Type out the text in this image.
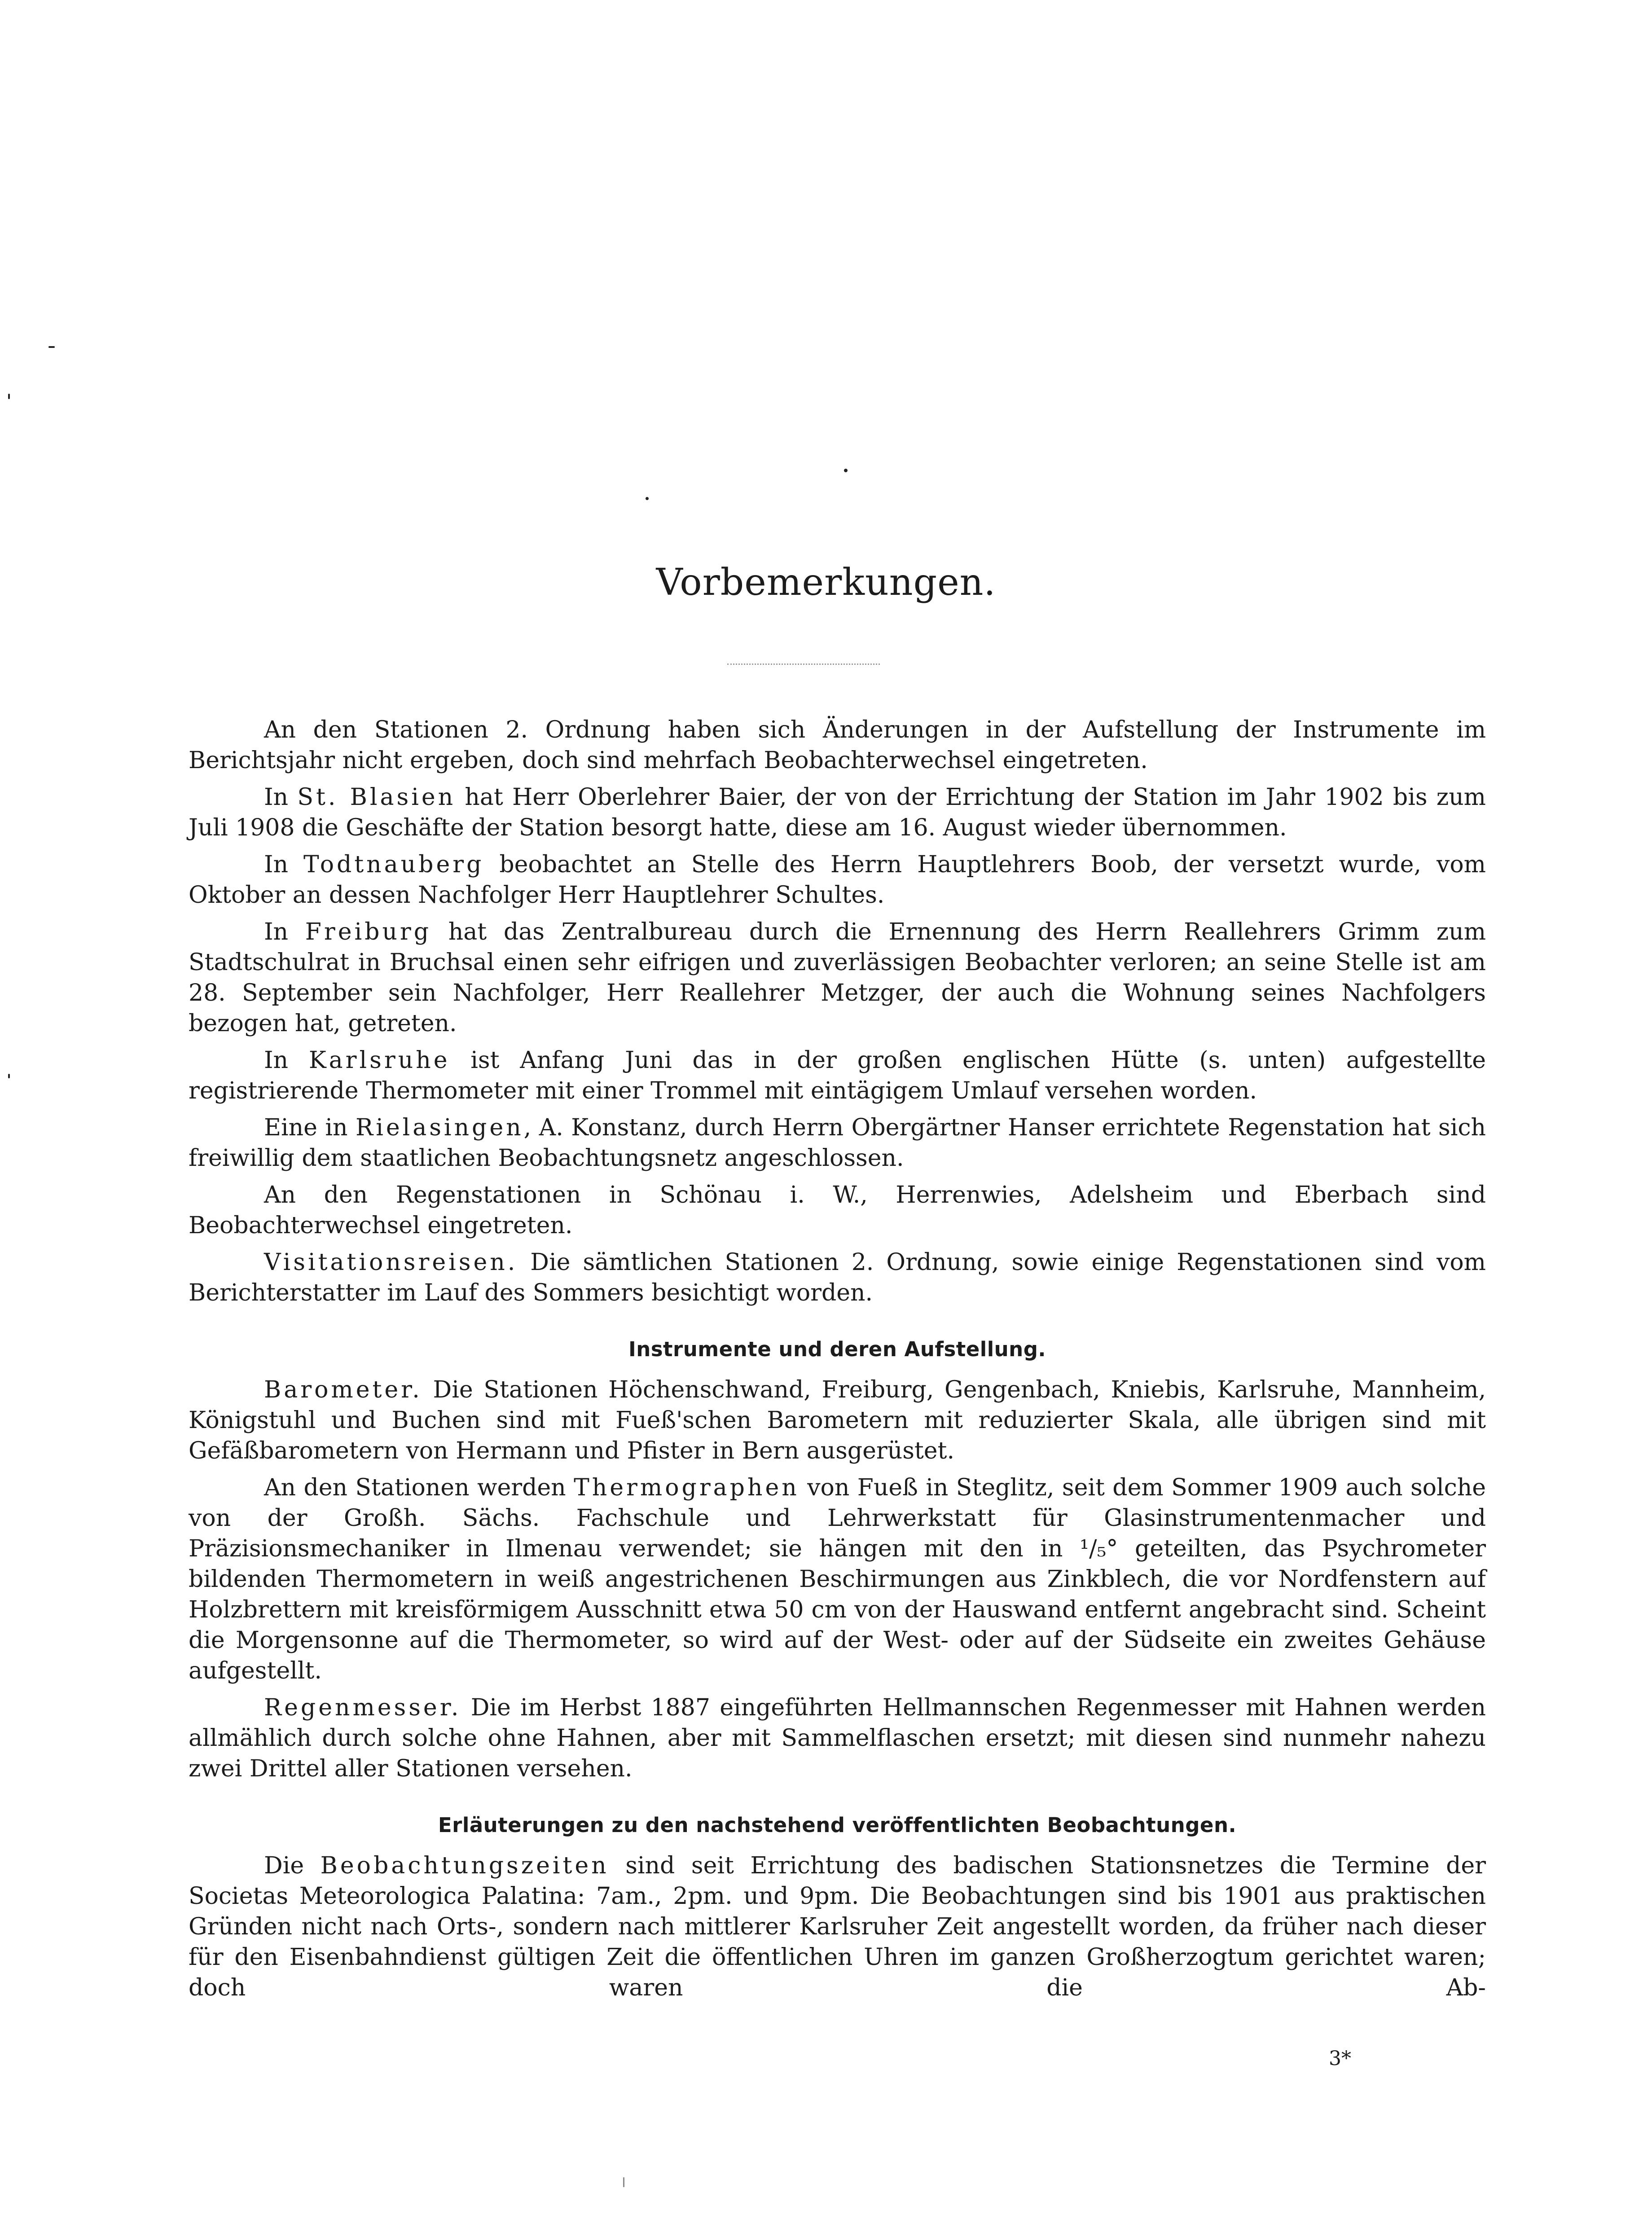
Vorbemerkungen.

An den Stationen 2. Ordnung haben sich Änderungen in der Aufstellung der Instrumente im Berichtsjahr nicht ergeben, doch sind mehrfach Beobachterwechsel eingetreten.

In St. Blasien hat Herr Oberlehrer Baier, der von der Errichtung der Station im Jahr 1902 bis zum Juli 1908 die Geschäfte der Station besorgt hatte, diese am 16. August wieder übernommen.

In Todtnauberg beobachtet an Stelle des Herrn Hauptlehrers Boob, der versetzt wurde, vom Oktober an dessen Nachfolger Herr Hauptlehrer Schultes.

In Freiburg hat das Zentralbureau durch die Ernennung des Herrn Reallehrers Grimm zum Stadtschulrat in Bruchsal einen sehr eifrigen und zuverlässigen Beobachter verloren; an seine Stelle ist am 28. September sein Nachfolger, Herr Reallehrer Metzger, der auch die Wohnung seines Nachfolgers bezogen hat, getreten.

In Karlsruhe ist Anfang Juni das in der großen englischen Hütte (s. unten) aufgestellte registrierende Thermometer mit einer Trommel mit eintägigem Umlauf versehen worden.

Eine in Rielasingen, A. Konstanz, durch Herrn Obergärtner Hanser errichtete Regenstation hat sich freiwillig dem staatlichen Beobachtungsnetz angeschlossen.

An den Regenstationen in Schönau i. W., Herrenwies, Adelsheim und Eberbach sind Beobachterwechsel eingetreten.

Visitationsreisen. Die sämtlichen Stationen 2. Ordnung, sowie einige Regenstationen sind vom Berichterstatter im Lauf des Sommers besichtigt worden.

Instrumente und deren Aufstellung.

Barometer. Die Stationen Höchenschwand, Freiburg, Gengenbach, Kniebis, Karlsruhe, Mannheim, Königstuhl und Buchen sind mit Fueß'schen Barometern mit reduzierter Skala, alle übrigen sind mit Gefäßbarometern von Hermann und Pfister in Bern ausgerüstet.

An den Stationen werden Thermographen von Fueß in Steglitz, seit dem Sommer 1909 auch solche von der Großh. Sächs. Fachschule und Lehrwerkstatt für Glasinstrumentenmacher und Präzisionsmechaniker in Ilmenau verwendet; sie hängen mit den in ¹/₅° geteilten, das Psychrometer bildenden Thermometern in weiß angestrichenen Beschirmungen aus Zinkblech, die vor Nordfenstern auf Holzbrettern mit kreisförmigem Ausschnitt etwa 50 cm von der Hauswand entfernt angebracht sind. Scheint die Morgensonne auf die Thermometer, so wird auf der West- oder auf der Südseite ein zweites Gehäuse aufgestellt.

Regenmesser. Die im Herbst 1887 eingeführten Hellmannschen Regenmesser mit Hahnen werden allmählich durch solche ohne Hahnen, aber mit Sammelflaschen ersetzt; mit diesen sind nunmehr nahezu zwei Drittel aller Stationen versehen.

Erläuterungen zu den nachstehend veröffentlichten Beobachtungen.

Die Beobachtungszeiten sind seit Errichtung des badischen Stationsnetzes die Termine der Societas Meteorologica Palatina: 7am., 2pm. und 9pm. Die Beobachtungen sind bis 1901 aus praktischen Gründen nicht nach Orts-, sondern nach mittlerer Karlsruher Zeit angestellt worden, da früher nach dieser für den Eisenbahndienst gültigen Zeit die öffentlichen Uhren im ganzen Großherzogtum gerichtet waren; doch waren die Ab-

3*
